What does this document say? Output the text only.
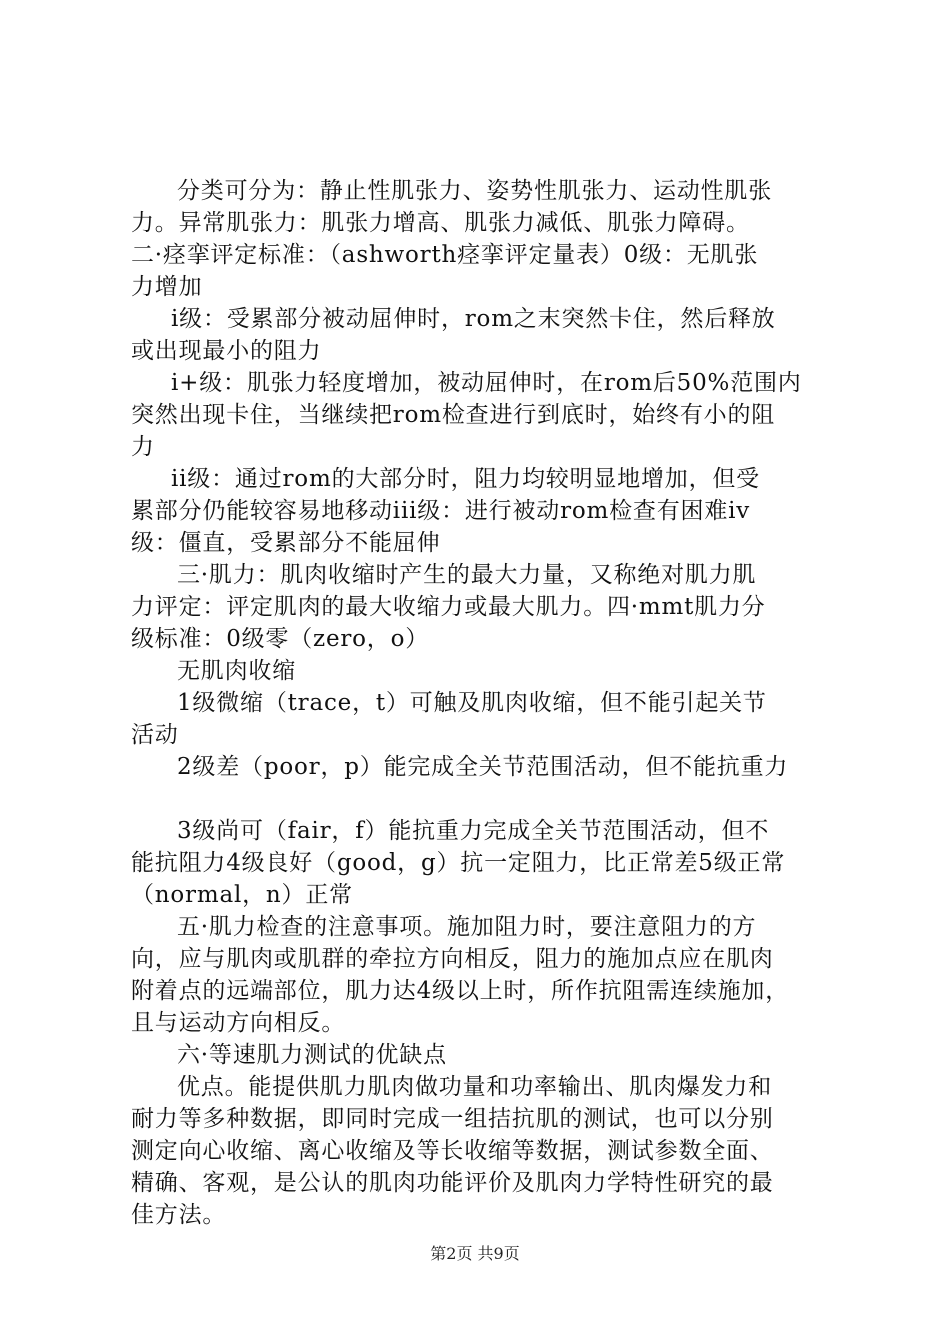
分类可分为：静止性肌张力、姿势性肌张力、运动性肌张
力。异常肌张力：肌张力增高、肌张力减低、肌张力障碍。
二·痉挛评定标准：（ashworth痉挛评定量表）0级：无肌张
力增加
i级：受累部分被动屈伸时，rom之末突然卡住，然后释放
或出现最小的阻力
i+级：肌张力轻度增加，被动屈伸时，在rom后50%范围内
突然出现卡住，当继续把rom检查进行到底时，始终有小的阻
力
ii级：通过rom的大部分时，阻力均较明显地增加，但受
累部分仍能较容易地移动iii级：进行被动rom检查有困难iv
级：僵直，受累部分不能屈伸
三·肌力：肌肉收缩时产生的最大力量，又称绝对肌力肌
力评定：评定肌肉的最大收缩力或最大肌力。四·mmt肌力分
级标准：0级零（zero，o）
无肌肉收缩
1级微缩（trace，t）可触及肌肉收缩，但不能引起关节
活动
2级差（poor，p）能完成全关节范围活动，但不能抗重力
3级尚可（fair，f）能抗重力完成全关节范围活动，但不
能抗阻力4级良好（good，g）抗一定阻力，比正常差5级正常
（normal，n）正常
五·肌力检查的注意事项。施加阻力时，要注意阻力的方
向，应与肌肉或肌群的牵拉方向相反，阻力的施加点应在肌肉
附着点的远端部位，肌力达4级以上时，所作抗阻需连续施加，
且与运动方向相反。
六·等速肌力测试的优缺点
优点。能提供肌力肌肉做功量和功率输出、肌肉爆发力和
耐力等多种数据，即同时完成一组拮抗肌的测试，也可以分别
测定向心收缩、离心收缩及等长收缩等数据，测试参数全面、
精确、客观，是公认的肌肉功能评价及肌肉力学特性研究的最
佳方法。
第2页 共9页
